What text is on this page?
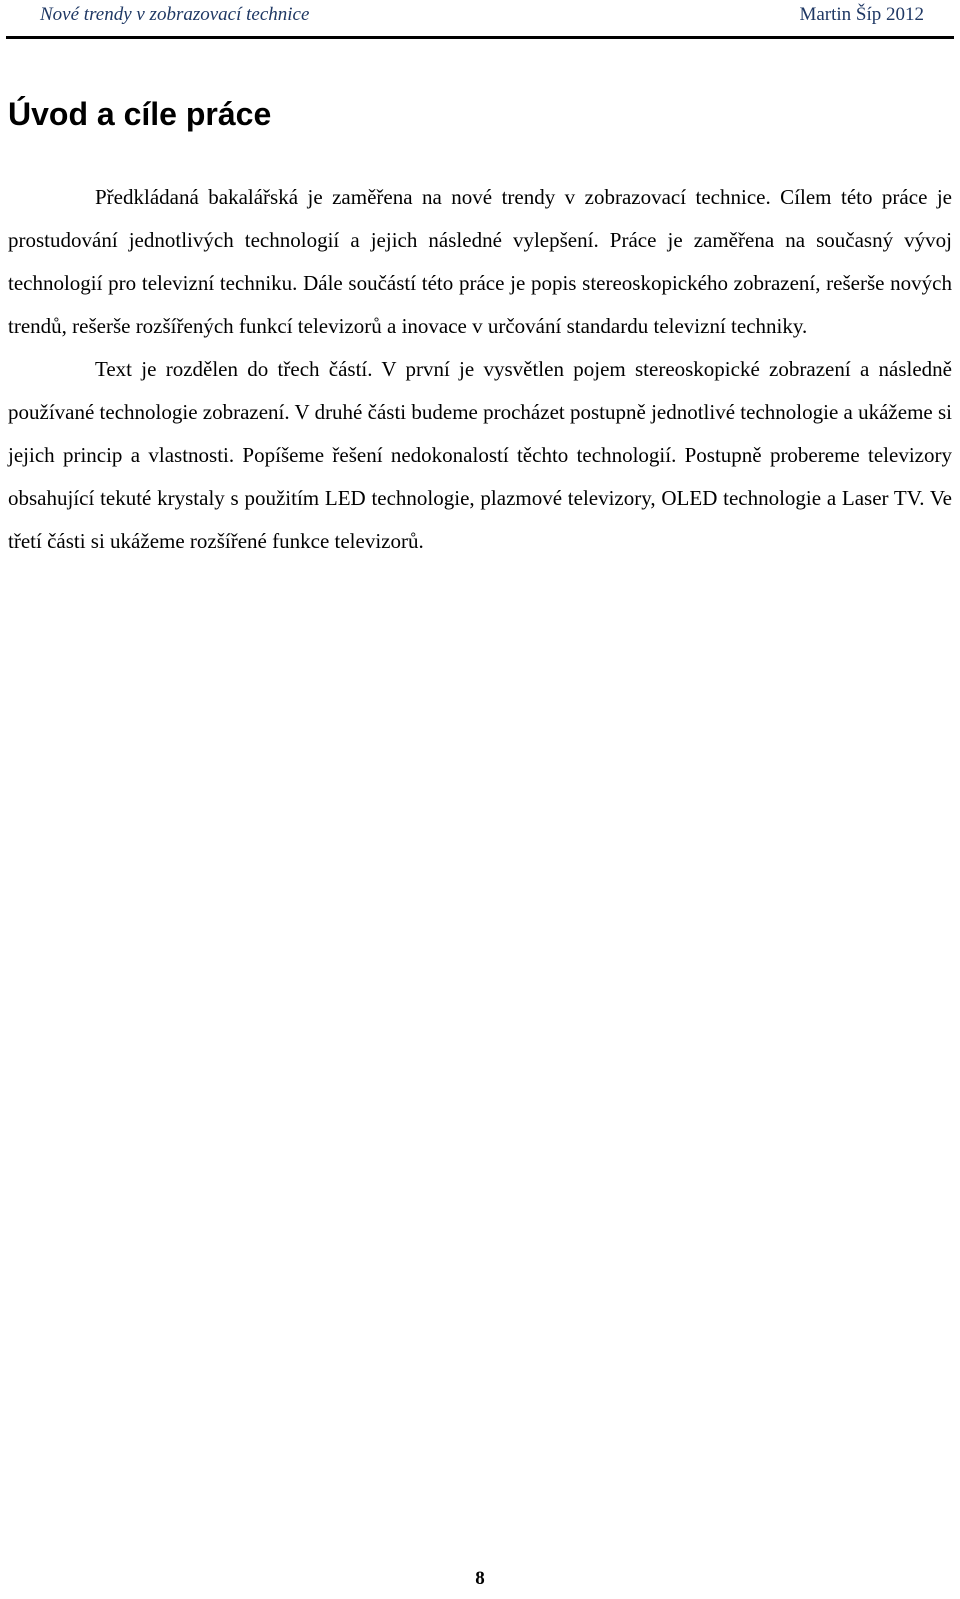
Nové trendy v zobrazovací technice	Martin Šíp 2012
Úvod a cíle práce

Předkládaná bakalářská je zaměřena na nové trendy v zobrazovací technice. Cílem této práce je prostudování jednotlivých technologií a jejich následné vylepšení. Práce je zaměřena na současný vývoj technologií pro televizní techniku. Dále součástí této práce je popis stereoskopického zobrazení, rešerše nových trendů, rešerše rozšířených funkcí televizorů a inovace v určování standardu televizní techniky.

Text je rozdělen do třech částí. V první je vysvětlen pojem stereoskopické zobrazení a následně používané technologie zobrazení. V druhé části budeme procházet postupně jednotlivé technologie a ukážeme si jejich princip a vlastnosti. Popíšeme řešení nedokonalostí těchto technologií. Postupně probereme televizory obsahující tekuté krystaly s použitím LED technologie, plazmové televizory, OLED technologie a Laser TV. Ve třetí části si ukážeme rozšířené funkce televizorů.

8
